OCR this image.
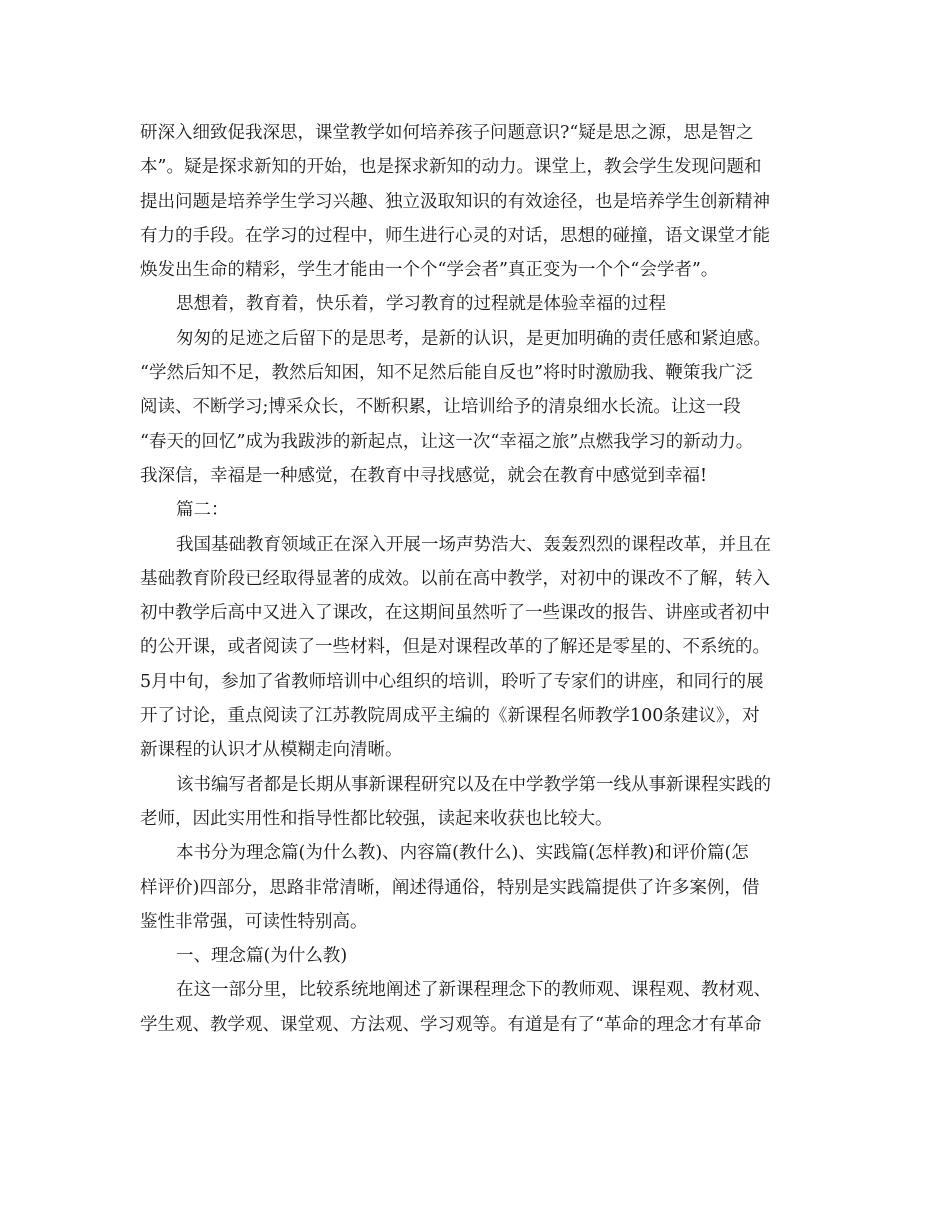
研深入细致促我深思，课堂教学如何培养孩子问题意识?“疑是思之源，思是智之
本”。疑是探求新知的开始，也是探求新知的动力。课堂上，教会学生发现问题和
提出问题是培养学生学习兴趣、独立汲取知识的有效途径，也是培养学生创新精神
有力的手段。在学习的过程中，师生进行心灵的对话，思想的碰撞，语文课堂才能
焕发出生命的精彩，学生才能由一个个“学会者”真正变为一个个“会学者”。
思想着，教育着，快乐着，学习教育的过程就是体验幸福的过程
匆匆的足迹之后留下的是思考，是新的认识，是更加明确的责任感和紧迫感。
“学然后知不足，教然后知困，知不足然后能自反也”将时时激励我、鞭策我广泛
阅读、不断学习;博采众长，不断积累，让培训给予的清泉细水长流。让这一段
“春天的回忆”成为我跋涉的新起点，让这一次“幸福之旅”点燃我学习的新动力。
我深信，幸福是一种感觉，在教育中寻找感觉，就会在教育中感觉到幸福!
篇二：
我国基础教育领域正在深入开展一场声势浩大、轰轰烈烈的课程改革，并且在
基础教育阶段已经取得显著的成效。以前在高中教学，对初中的课改不了解，转入
初中教学后高中又进入了课改，在这期间虽然听了一些课改的报告、讲座或者初中
的公开课，或者阅读了一些材料，但是对课程改革的了解还是零星的、不系统的。
5月中旬，参加了省教师培训中心组织的培训，聆听了专家们的讲座，和同行的展
开了讨论，重点阅读了江苏教院周成平主编的《新课程名师教学100条建议》，对
新课程的认识才从模糊走向清晰。
该书编写者都是长期从事新课程研究以及在中学教学第一线从事新课程实践的
老师，因此实用性和指导性都比较强，读起来收获也比较大。
本书分为理念篇(为什么教)、内容篇(教什么)、实践篇(怎样教)和评价篇(怎
样评价)四部分，思路非常清晰，阐述得通俗，特别是实践篇提供了许多案例，借
鉴性非常强，可读性特别高。
一、理念篇(为什么教)
在这一部分里，比较系统地阐述了新课程理念下的教师观、课程观、教材观、
学生观、教学观、课堂观、方法观、学习观等。有道是有了“革命的理念才有革命
